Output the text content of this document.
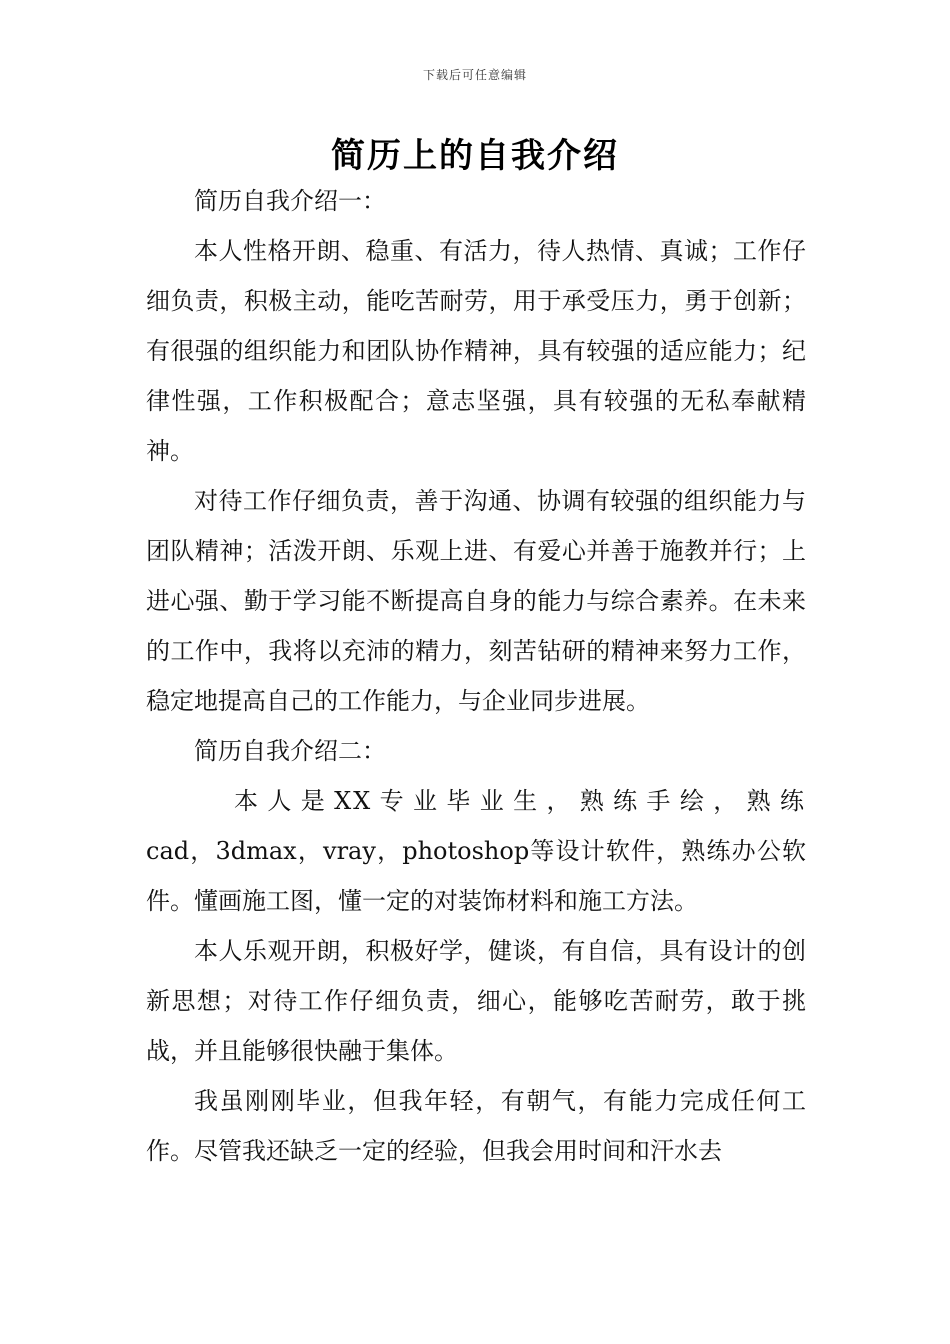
下载后可任意编辑
简历上的自我介绍

简历自我介绍一：

本人性格开朗、稳重、有活力，待人热情、真诚；工作仔细负责，积极主动，能吃苦耐劳，用于承受压力，勇于创新；有很强的组织能力和团队协作精神，具有较强的适应能力；纪律性强，工作积极配合；意志坚强，具有较强的无私奉献精神。

对待工作仔细负责，善于沟通、协调有较强的组织能力与团队精神；活泼开朗、乐观上进、有爱心并善于施教并行；上进心强、勤于学习能不断提高自身的能力与综合素养。在未来的工作中，我将以充沛的精力，刻苦钻研的精神来努力工作，稳定地提高自己的工作能力，与企业同步进展。

简历自我介绍二：

本人是XX专业毕业生，熟练手绘，熟练

cad，3dmax，vray，photoshop等设计软件，熟练办公软件。懂画施工图，懂一定的对装饰材料和施工方法。

本人乐观开朗，积极好学，健谈，有自信，具有设计的创新思想；对待工作仔细负责，细心，能够吃苦耐劳，敢于挑战，并且能够很快融于集体。

我虽刚刚毕业，但我年轻，有朝气，有能力完成任何工作。尽管我还缺乏一定的经验，但我会用时间和汗水去
